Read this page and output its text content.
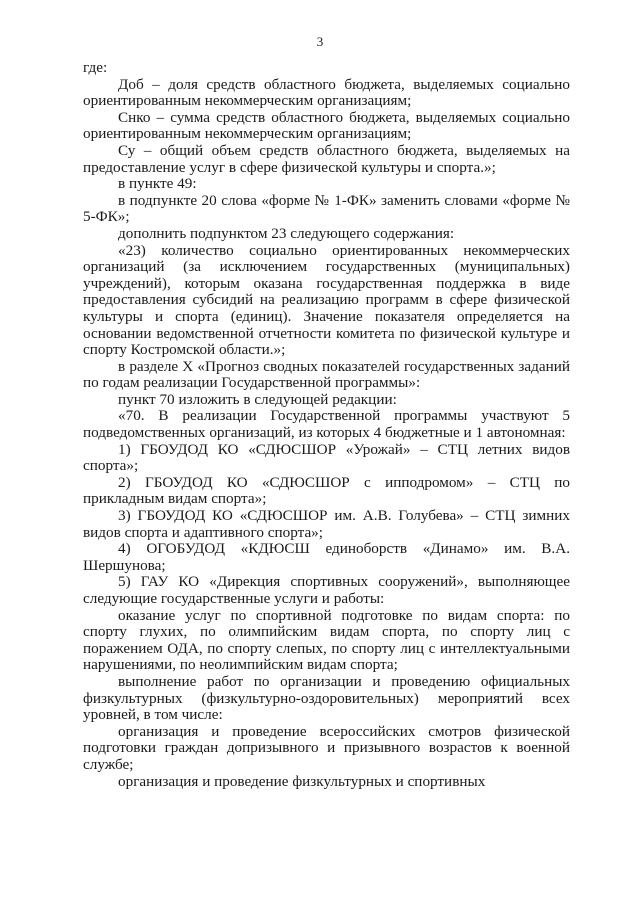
3

где:

Доб – доля средств областного бюджета, выделяемых социально ориентированным некоммерческим организациям;

Снко – сумма средств областного бюджета, выделяемых социально ориентированным некоммерческим организациям;

Су – общий объем средств областного бюджета, выделяемых на предоставление услуг в сфере физической культуры и спорта.»;

в пункте 49:

в подпункте 20 слова «форме № 1-ФК» заменить словами «форме № 5-ФК»;

дополнить подпунктом 23 следующего содержания:

«23) количество социально ориентированных некоммерческих организаций (за исключением государственных (муниципальных) учреждений), которым оказана государственная поддержка в виде предоставления субсидий на реализацию программ в сфере физической культуры и спорта (единиц). Значение показателя определяется на основании ведомственной отчетности комитета по физической культуре и спорту Костромской области.»;

в разделе X «Прогноз сводных показателей государственных заданий по годам реализации Государственной программы»:

пункт 70 изложить в следующей редакции:

«70. В реализации Государственной программы участвуют 5 подведомственных организаций, из которых 4 бюджетные и 1 автономная:

1) ГБОУДОД КО «СДЮСШОР «Урожай» – СТЦ летних видов спорта»;

2) ГБОУДОД КО «СДЮСШОР с ипподромом» – СТЦ по прикладным видам спорта»;

3) ГБОУДОД КО «СДЮСШОР им. А.В. Голубева» – СТЦ зимних видов спорта и адаптивного спорта»;

4) ОГОБУДОД «КДЮСШ единоборств «Динамо» им. В.А. Шершунова;

5) ГАУ КО «Дирекция спортивных сооружений», выполняющее следующие государственные услуги и работы:

оказание услуг по спортивной подготовке по видам спорта: по спорту глухих, по олимпийским видам спорта, по спорту лиц с поражением ОДА, по спорту слепых, по спорту лиц с интеллектуальными нарушениями, по неолимпийским видам спорта;

выполнение работ по организации и проведению официальных физкультурных (физкультурно-оздоровительных) мероприятий всех уровней, в том числе:

организация и проведение всероссийских смотров физической подготовки граждан допризывного и призывного возрастов к военной службе;

организация и проведение физкультурных и спортивных
